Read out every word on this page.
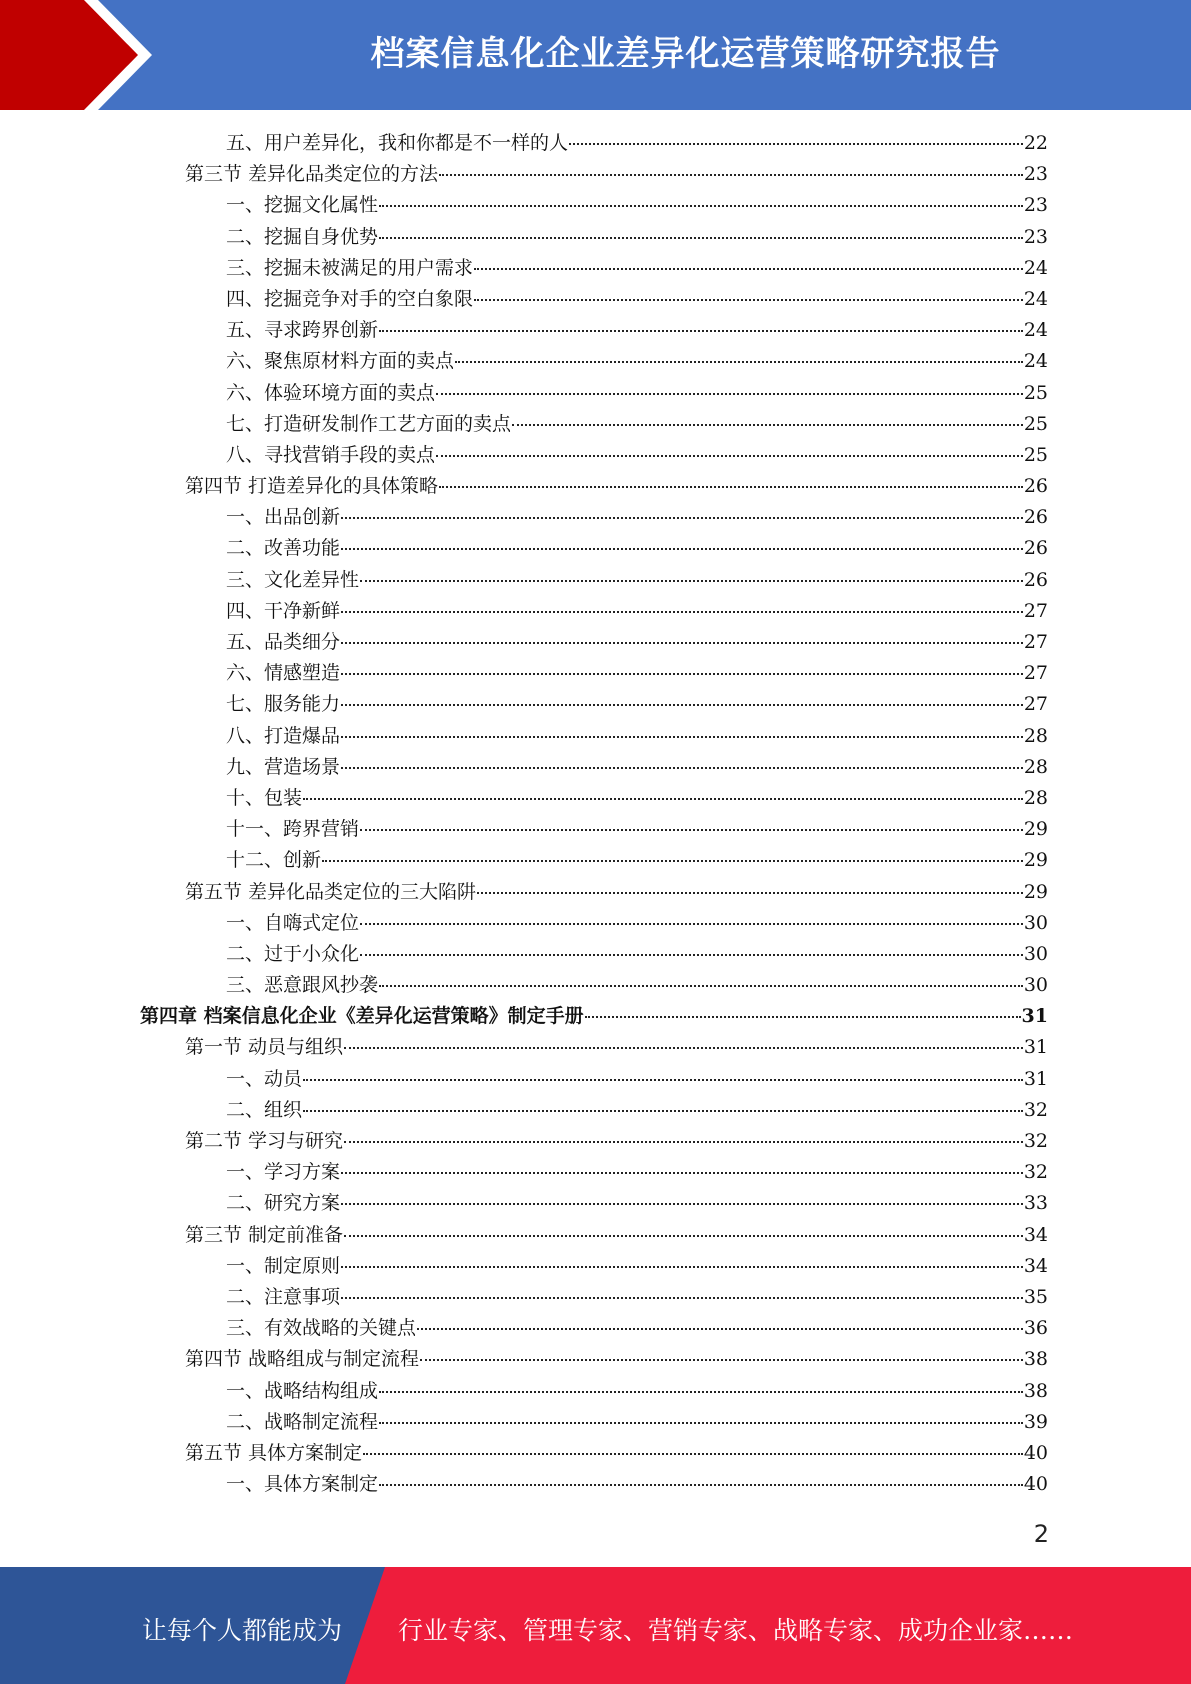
档案信息化企业差异化运营策略研究报告
五、用户差异化，我和你都是不一样的人	22
第三节 差异化品类定位的方法	23
一、挖掘文化属性	23
二、挖掘自身优势	23
三、挖掘未被满足的用户需求	24
四、挖掘竞争对手的空白象限	24
五、寻求跨界创新	24
六、聚焦原材料方面的卖点	24
六、体验环境方面的卖点	25
七、打造研发制作工艺方面的卖点	25
八、寻找营销手段的卖点	25
第四节 打造差异化的具体策略	26
一、出品创新	26
二、改善功能	26
三、文化差异性	26
四、干净新鲜	27
五、品类细分	27
六、情感塑造	27
七、服务能力	27
八、打造爆品	28
九、营造场景	28
十、包装	28
十一、跨界营销	29
十二、创新	29
第五节 差异化品类定位的三大陷阱	29
一、自嗨式定位	30
二、过于小众化	30
三、恶意跟风抄袭	30
第四章 档案信息化企业《差异化运营策略》制定手册	31
第一节 动员与组织	31
一、动员	31
二、组织	32
第二节 学习与研究	32
一、学习方案	32
二、研究方案	33
第三节 制定前准备	34
一、制定原则	34
二、注意事项	35
三、有效战略的关键点	36
第四节 战略组成与制定流程	38
一、战略结构组成	38
二、战略制定流程	39
第五节 具体方案制定	40
一、具体方案制定	40
2
让每个人都能成为 行业专家、管理专家、营销专家、战略专家、成功企业家……
